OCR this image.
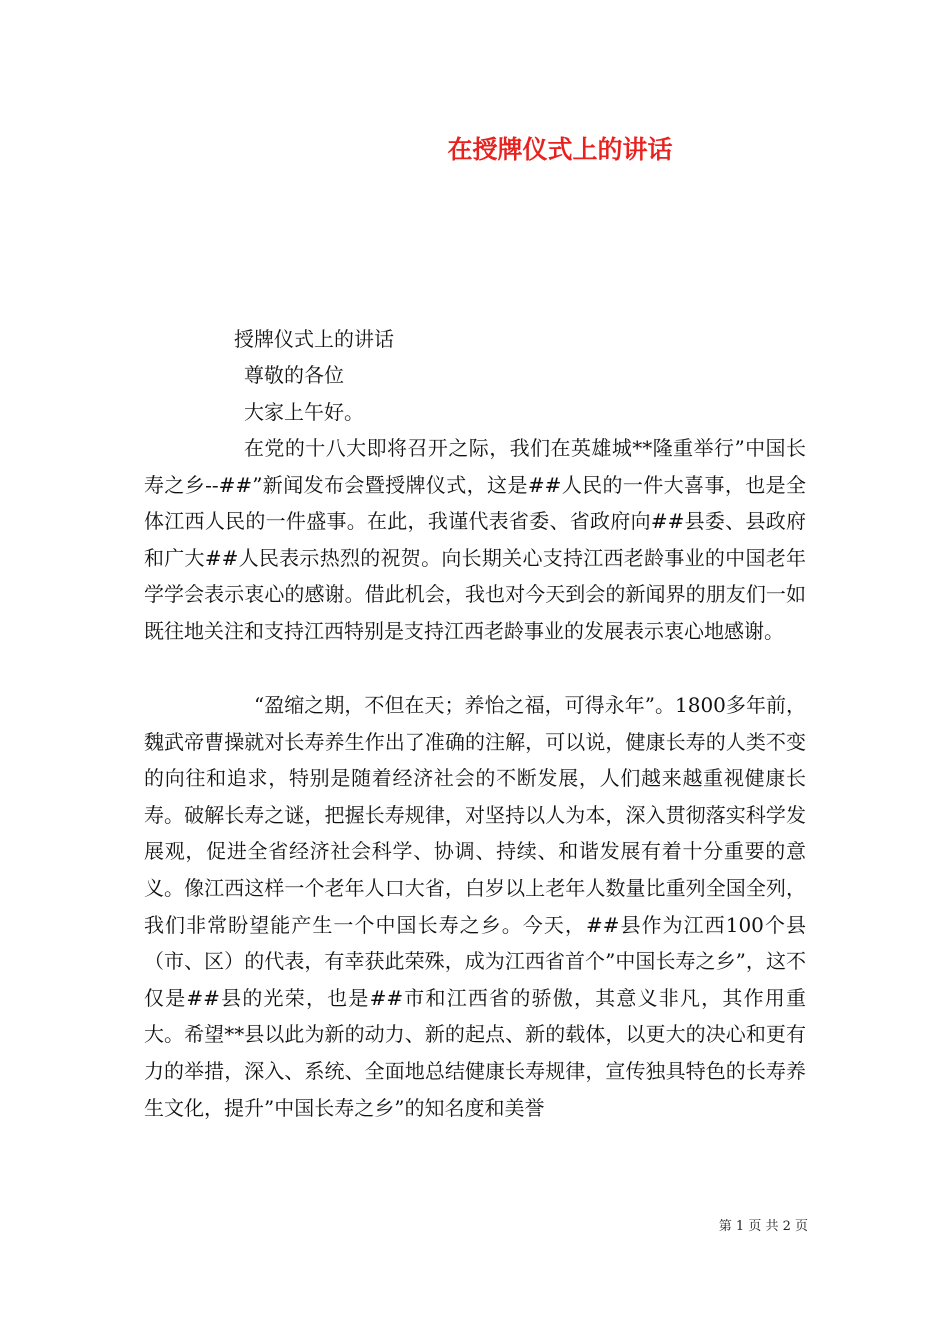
在授牌仪式上的讲话
授牌仪式上的讲话
尊敬的各位
大家上午好。

在党的十八大即将召开之际，我们在英雄城**隆重举行”中国长寿之乡--##”新闻发布会暨授牌仪式，这是##人民的一件大喜事，也是全体江西人民的一件盛事。在此，我谨代表省委、省政府向##县委、县政府和广大##人民表示热烈的祝贺。向长期关心支持江西老龄事业的中国老年学学会表示衷心的感谢。借此机会，我也对今天到会的新闻界的朋友们一如既往地关注和支持江西特别是支持江西老龄事业的发展表示衷心地感谢。

“盈缩之期，不但在天；养怡之福，可得永年”。1800多年前，魏武帝曹操就对长寿养生作出了准确的注解，可以说，健康长寿的人类不变的向往和追求，特别是随着经济社会的不断发展，人们越来越重视健康长寿。破解长寿之谜，把握长寿规律，对坚持以人为本，深入贯彻落实科学发展观，促进全省经济社会科学、协调、持续、和谐发展有着十分重要的意义。像江西这样一个老年人口大省，白岁以上老年人数量比重列全国全列，我们非常盼望能产生一个中国长寿之乡。今天，##县作为江西100个县（市、区）的代表，有幸获此荣殊，成为江西省首个”中国长寿之乡”，这不仅是##县的光荣，也是##市和江西省的骄傲，其意义非凡，其作用重大。希望**县以此为新的动力、新的起点、新的载体，以更大的决心和更有力的举措，深入、系统、全面地总结健康长寿规律，宣传独具特色的长寿养生文化，提升”中国长寿之乡”的知名度和美誉

第 1 页 共 2 页
